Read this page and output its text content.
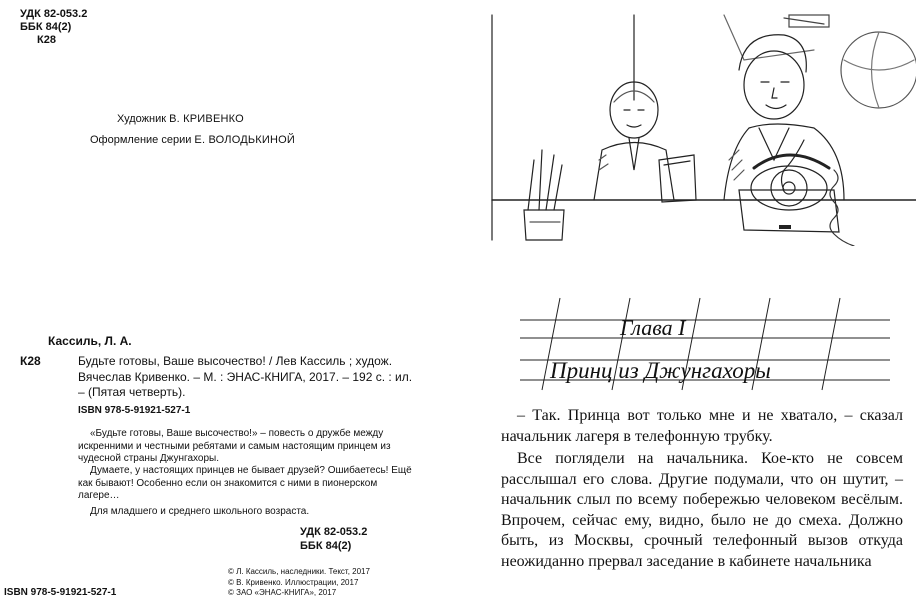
УДК 82-053.2
ББК 84(2)
К28
Художник В. КРИВЕНКО
Оформление серии Е. ВОЛОДЬКИНОЙ
Кассиль, Л. А.
К28	Будьте готовы, Ваше высочество! / Лев Кассиль ; худож. Вячеслав Кривенко. – М. : ЭНАС-КНИГА, 2017. – 192 с. : ил. – (Пятая четверть).
ISBN 978-5-91921-527-1
«Будьте готовы, Ваше высочество!» – повесть о дружбе между искренними и честными ребятами и самым настоящим принцем из чудесной страны Джунгахоры.
Думаете, у настоящих принцев не бывает друзей? Ошибаетесь! Ещё как бывают! Особенно если он знакомится с ними в пионерском лагере…
Для младшего и среднего школьного возраста.
УДК 82-053.2
ББК 84(2)
© Л. Кассиль, наследники. Текст, 2017
© В. Кривенко. Иллюстрации, 2017
© ЗАО «ЭНАС-КНИГА», 2017
ISBN 978-5-91921-527-1
Глава I
Принц из Джунгахоры

– Так. Принца вот только мне и не хватало, – сказал начальник лагеря в телефонную трубку.

Все поглядели на начальника. Кое-кто не совсем расслышал его слова. Другие подумали, что он шутит, – начальник слыл по всему побережью человеком весёлым. Впрочем, сейчас ему, видно, было не до смеха. Должно быть, из Москвы, срочный телефонный вызов откуда неожиданно прервал заседание в кабинете начальника
